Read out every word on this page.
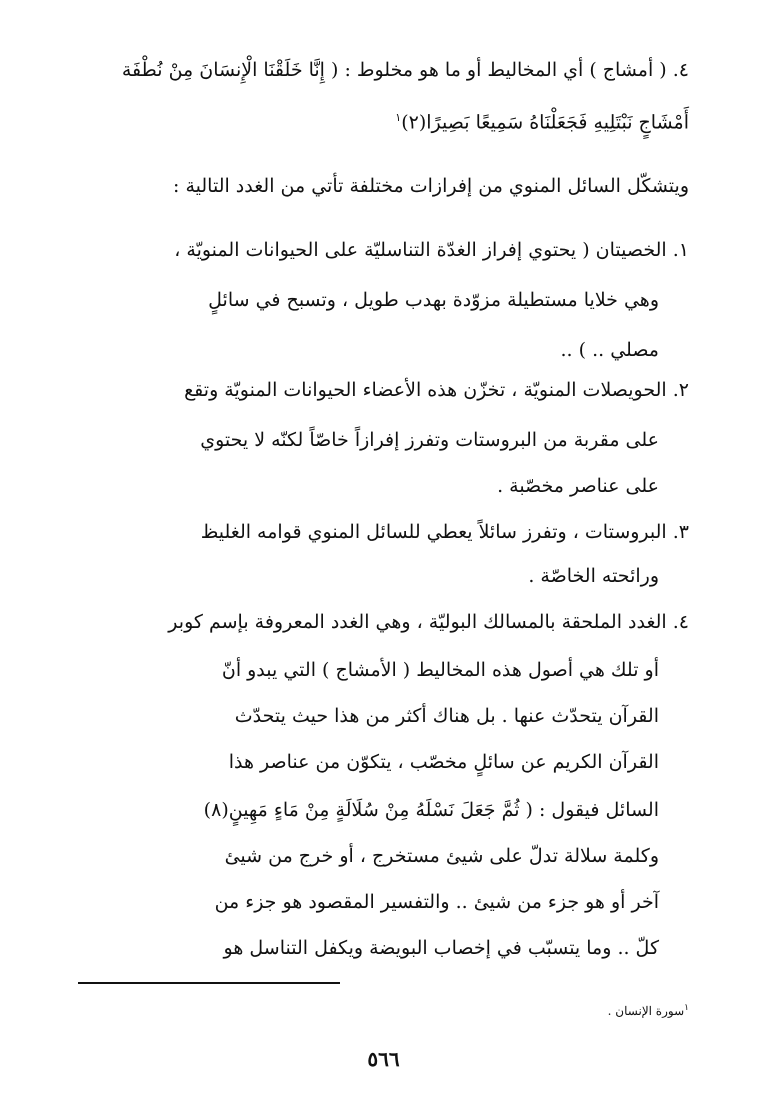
٤. ( أمشاج ) أي المخاليط أو ما هو مخلوط : ( إِنَّا خَلَقْنَا الْإِنسَانَ مِنْ نُطْفَة
أَمْشَاجٍ نَبْتَلِيهِ فَجَعَلْنَاهُ سَمِيعًا بَصِيرًا(٢)$^١$
ويتشكّل السائل المنوي من إفرازات مختلفة تأتي من الغدد التالية :
١. الخصيتان ( يحتوي إفراز الغدّة التناسليّة على الحيوانات المنويّة ،
وهي خلايا مستطيلة مزوّدة بهدب طويل ، وتسبح في سائلٍ
مصلي .. ) ..
٢. الحويصلات المنويّة ، تخزّن هذه الأعضاء الحيوانات المنويّة وتقع
على مقربة من البروستات وتفرز إفرازاً خاصّاً لكنّه لا يحتوي
على عناصر مخصّبة .
٣. البروستات ، وتفرز سائلاً يعطي للسائل المنوي قوامه الغليظ
ورائحته الخاصّة .
٤. الغدد الملحقة بالمسالك البوليّة ، وهي الغدد المعروفة بإسم كوبر
أو تلك هي أصول هذه المخاليط ( الأمشاج ) التي يبدو أنّ
القرآن يتحدّث عنها . بل هناك أكثر من هذا حيث يتحدّث
القرآن الكريم عن سائلٍ مخصّب ، يتكوّن من عناصر هذا
السائل فيقول : ( ثُمَّ جَعَلَ نَسْلَهُ مِنْ سُلَالَةٍ مِنْ مَاءٍ مَهِينٍ(٨)
وكلمة سلالة تدلّ على شيئ مستخرج ، أو خرج من شيئ
آخر أو هو جزء من شيئ .. والتفسير المقصود هو جزء من
كلّ .. وما يتسبّب في إخصاب البويضة ويكفل التناسل هو
$^١$سورة الإنسان .
٥٦٦
